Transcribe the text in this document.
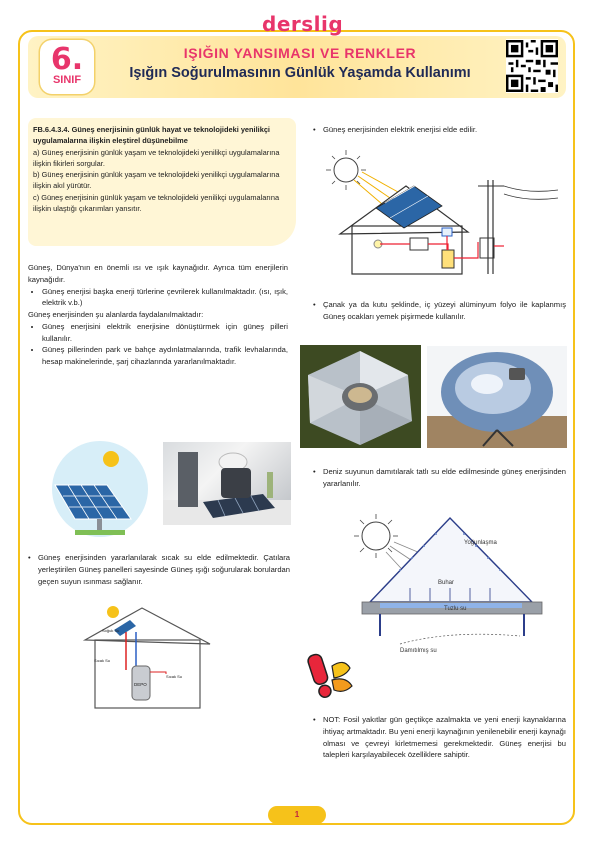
derslig
6.
SINIF
IŞIĞIN YANSIMASI VE RENKLER
Işığın Soğurulmasının Günlük Yaşamda Kullanımı
FB.6.4.3.4. Güneş enerjisinin günlük hayat ve teknolojideki yenilikçi uygulamalarına ilişkin eleştirel düşünebilme
a) Güneş enerjisinin günlük yaşam ve teknolojideki yenilikçi uygulamalarına ilişkin fikirleri sorgular.
b) Güneş enerjisinin günlük yaşam ve teknolojideki yenilikçi uygulamalarına ilişkin akıl yürütür.
c) Güneş enerjisinin günlük yaşam ve teknolojideki yenilikçi uygulamalarına ilişkin ulaştığı çıkarımları yansıtır.

Güneş, Dünya'nın en önemli ısı ve ışık kaynağıdır. Ayrıca tüm enerjilerin kaynağıdır.

• Güneş enerjisi başka enerji türlerine çevrilerek kullanılmaktadır. (ısı, ışık, elektrik v.b.)

Güneş enerjisinden şu alanlarda faydalanılmaktadır:

• Güneş enerjisini elektrik enerjisine dönüştürmek için güneş pilleri kullanılır.
• Güneş pillerinden park ve bahçe aydınlatmalarında, trafik levhalarında, hesap makinelerinde, şarj cihazlarında yararlanılmaktadır.
• Güneş enerjisinden yararlanılarak sıcak su elde edilmektedir. Çatılara yerleştirilen Güneş panelleri sayesinde Güneş ışığı soğurularak borulardan geçen suyun ısınması sağlanır.
DEPO
Soğuk Su
Sıcak Su
Sıcak Su
• Güneş enerjisinden elektrik enerjisi elde edilir.
• Çanak ya da kutu şeklinde, iç yüzeyi alüminyum folyo ile kaplanmış Güneş ocakları yemek pişirmede kullanılır.
• Deniz suyunun damıtılarak tatlı su elde edilmesinde güneş enerjisinden yararlanılır.
Yoğunlaşma
Buhar
Tuzlu su
Damıtılmış su
• NOT: Fosil yakıtlar gün geçtikçe azalmakta ve yeni enerji kaynaklarına ihtiyaç artmaktadır. Bu yeni enerji kaynağının yenilenebilir enerji kaynağı olması ve çevreyi kirletmemesi gerekmektedir. Güneş enerjisi bu talepleri karşılayabilecek özelliklere sahiptir.
1
